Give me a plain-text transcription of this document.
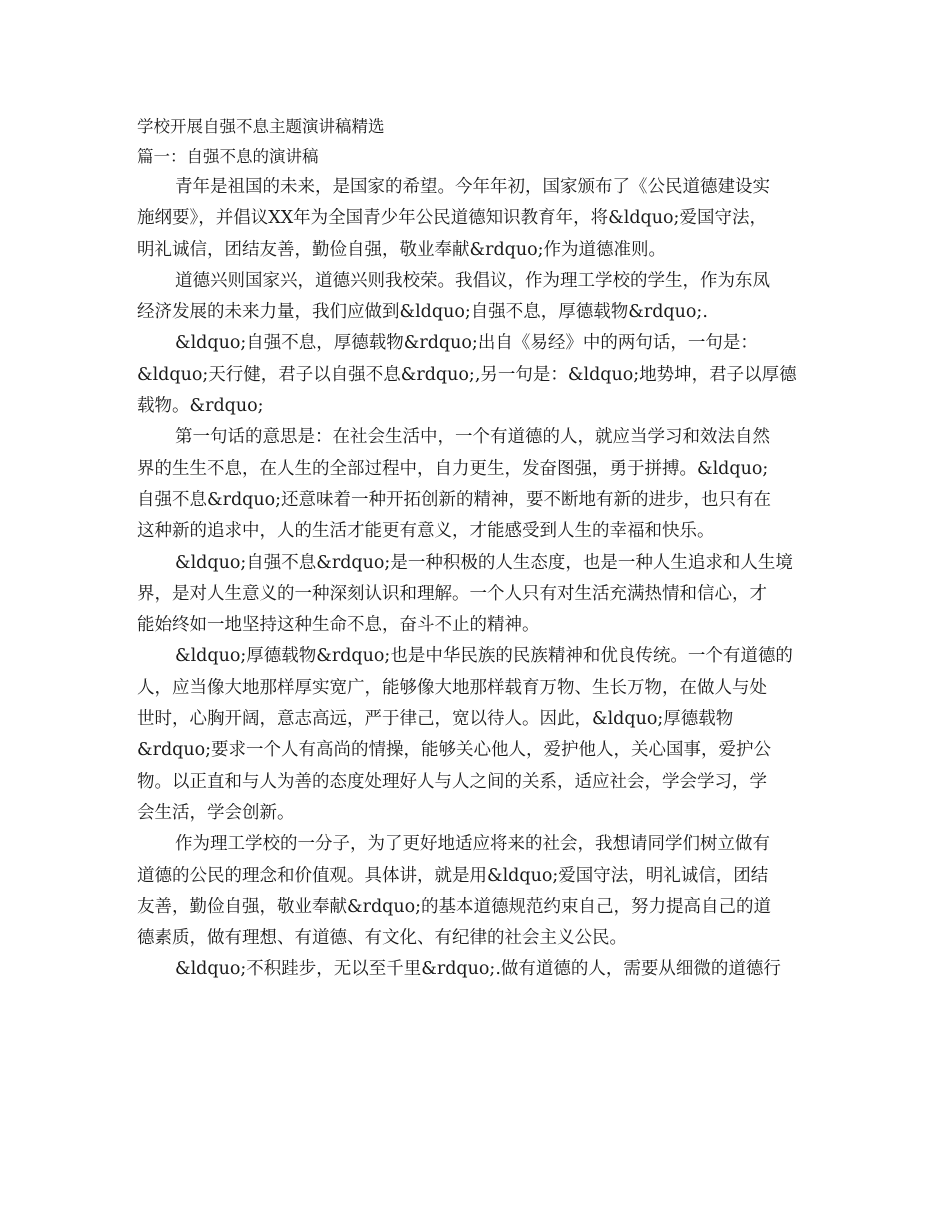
学校开展自强不息主题演讲稿精选
篇一：自强不息的演讲稿

青年是祖国的未来，是国家的希望。今年年初，国家颁布了《公民道德建设实
施纲要》，并倡议XX年为全国青少年公民道德知识教育年，将&ldquo;爱国守法，
明礼诚信，团结友善，勤俭自强，敬业奉献&rdquo;作为道德准则。

道德兴则国家兴，道德兴则我校荣。我倡议，作为理工学校的学生，作为东凤
经济发展的未来力量，我们应做到&ldquo;自强不息，厚德载物&rdquo;.

&ldquo;自强不息，厚德载物&rdquo;出自《易经》中的两句话，一句是：
&ldquo;天行健，君子以自强不息&rdquo;,另一句是：&ldquo;地势坤，君子以厚德
载物。&rdquo;

第一句话的意思是：在社会生活中，一个有道德的人，就应当学习和效法自然
界的生生不息，在人生的全部过程中，自力更生，发奋图强，勇于拼搏。&ldquo;
自强不息&rdquo;还意味着一种开拓创新的精神，要不断地有新的进步，也只有在
这种新的追求中，人的生活才能更有意义，才能感受到人生的幸福和快乐。

&ldquo;自强不息&rdquo;是一种积极的人生态度，也是一种人生追求和人生境
界，是对人生意义的一种深刻认识和理解。一个人只有对生活充满热情和信心，才
能始终如一地坚持这种生命不息，奋斗不止的精神。

&ldquo;厚德载物&rdquo;也是中华民族的民族精神和优良传统。一个有道德的
人，应当像大地那样厚实宽广，能够像大地那样载育万物、生长万物，在做人与处
世时，心胸开阔，意志高远，严于律己，宽以待人。因此，&ldquo;厚德载物
&rdquo;要求一个人有高尚的情操，能够关心他人，爱护他人，关心国事，爱护公
物。以正直和与人为善的态度处理好人与人之间的关系，适应社会，学会学习，学
会生活，学会创新。

作为理工学校的一分子，为了更好地适应将来的社会，我想请同学们树立做有
道德的公民的理念和价值观。具体讲，就是用&ldquo;爱国守法，明礼诚信，团结
友善，勤俭自强，敬业奉献&rdquo;的基本道德规范约束自己，努力提高自己的道
德素质，做有理想、有道德、有文化、有纪律的社会主义公民。

&ldquo;不积跬步，无以至千里&rdquo;.做有道德的人，需要从细微的道德行
